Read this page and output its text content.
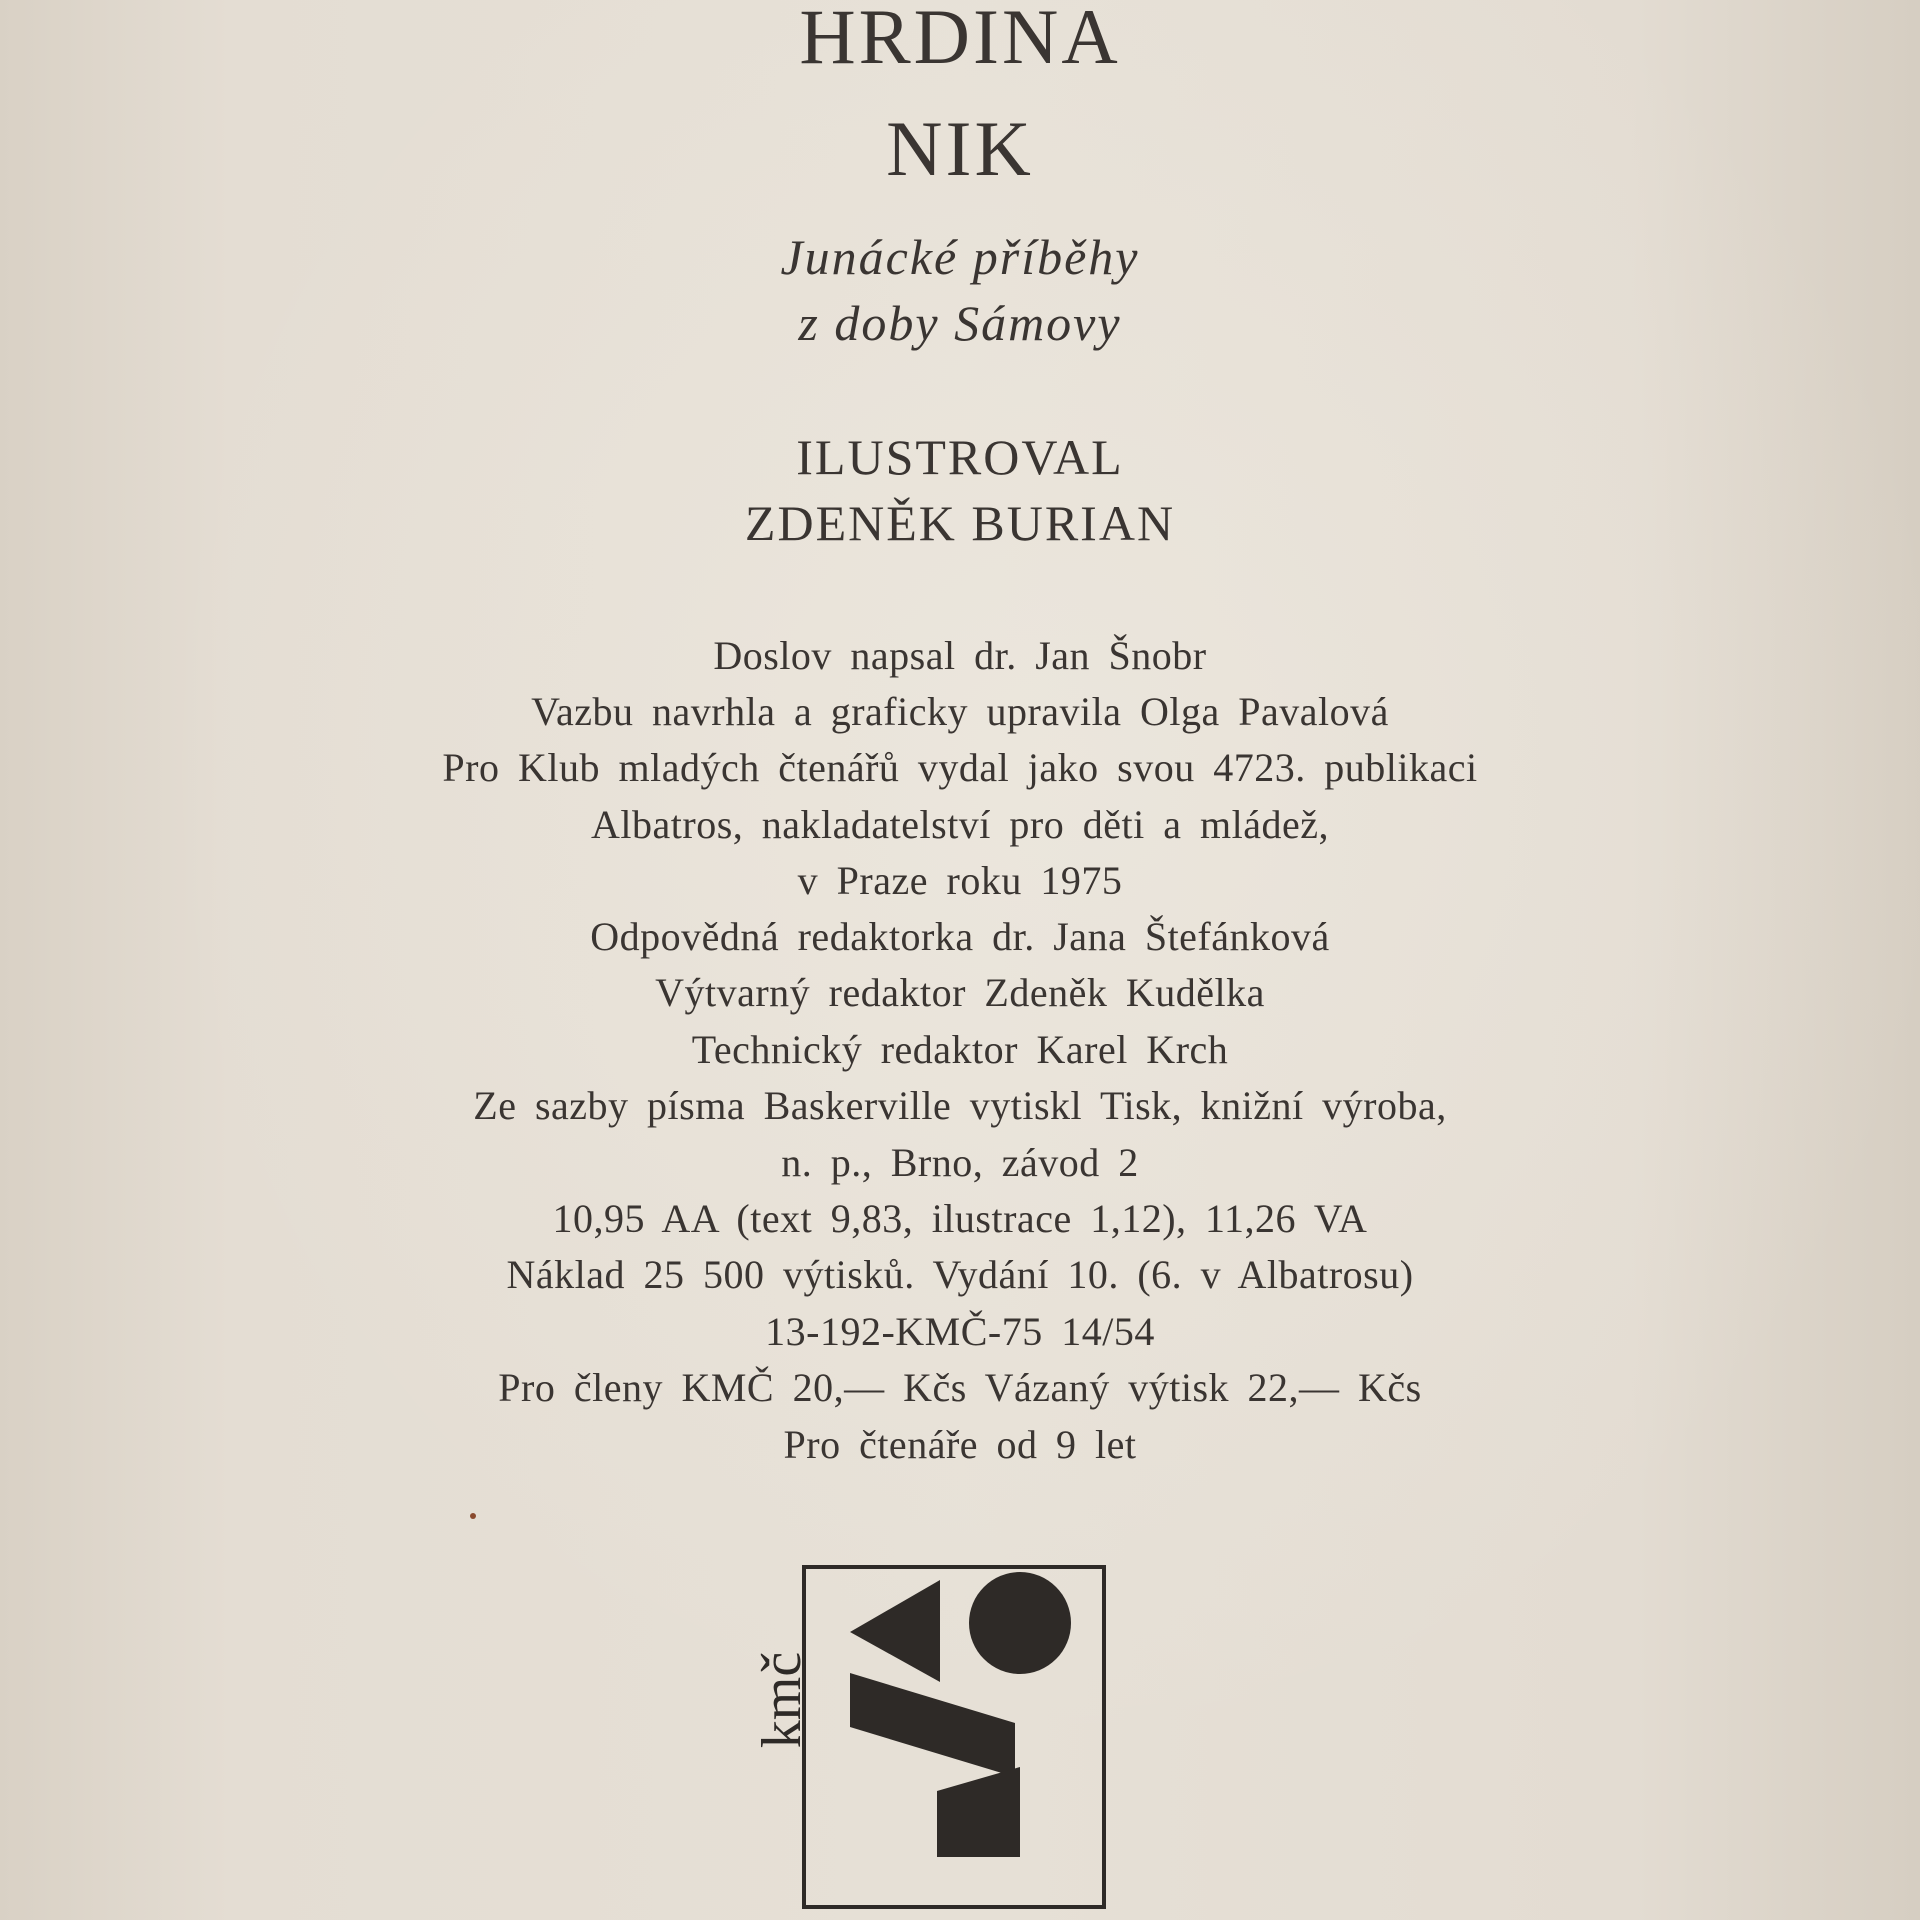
HRDINA
NIK
Junácké příběhy
z doby Sámovy
ILUSTROVAL
ZDENĚK BURIAN
Doslov napsal dr. Jan Šnobr
Vazbu navrhla a graficky upravila Olga Pavalová
Pro Klub mladých čtenářů vydal jako svou 4723. publikaci
Albatros, nakladatelství pro děti a mládež,
v Praze roku 1975
Odpovědná redaktorka dr. Jana Štefánková
Výtvarný redaktor Zdeněk Kudělka
Technický redaktor Karel Krch
Ze sazby písma Baskerville vytiskl Tisk, knižní výroba,
n. p., Brno, závod 2
10,95 AA (text 9,83, ilustrace 1,12), 11,26 VA
Náklad 25 500 výtisků. Vydání 10. (6. v Albatrosu)
13-192-KMČ-75 14/54
Pro členy KMČ 20,— Kčs Vázaný výtisk 22,— Kčs
Pro čtenáře od 9 let
kmč
